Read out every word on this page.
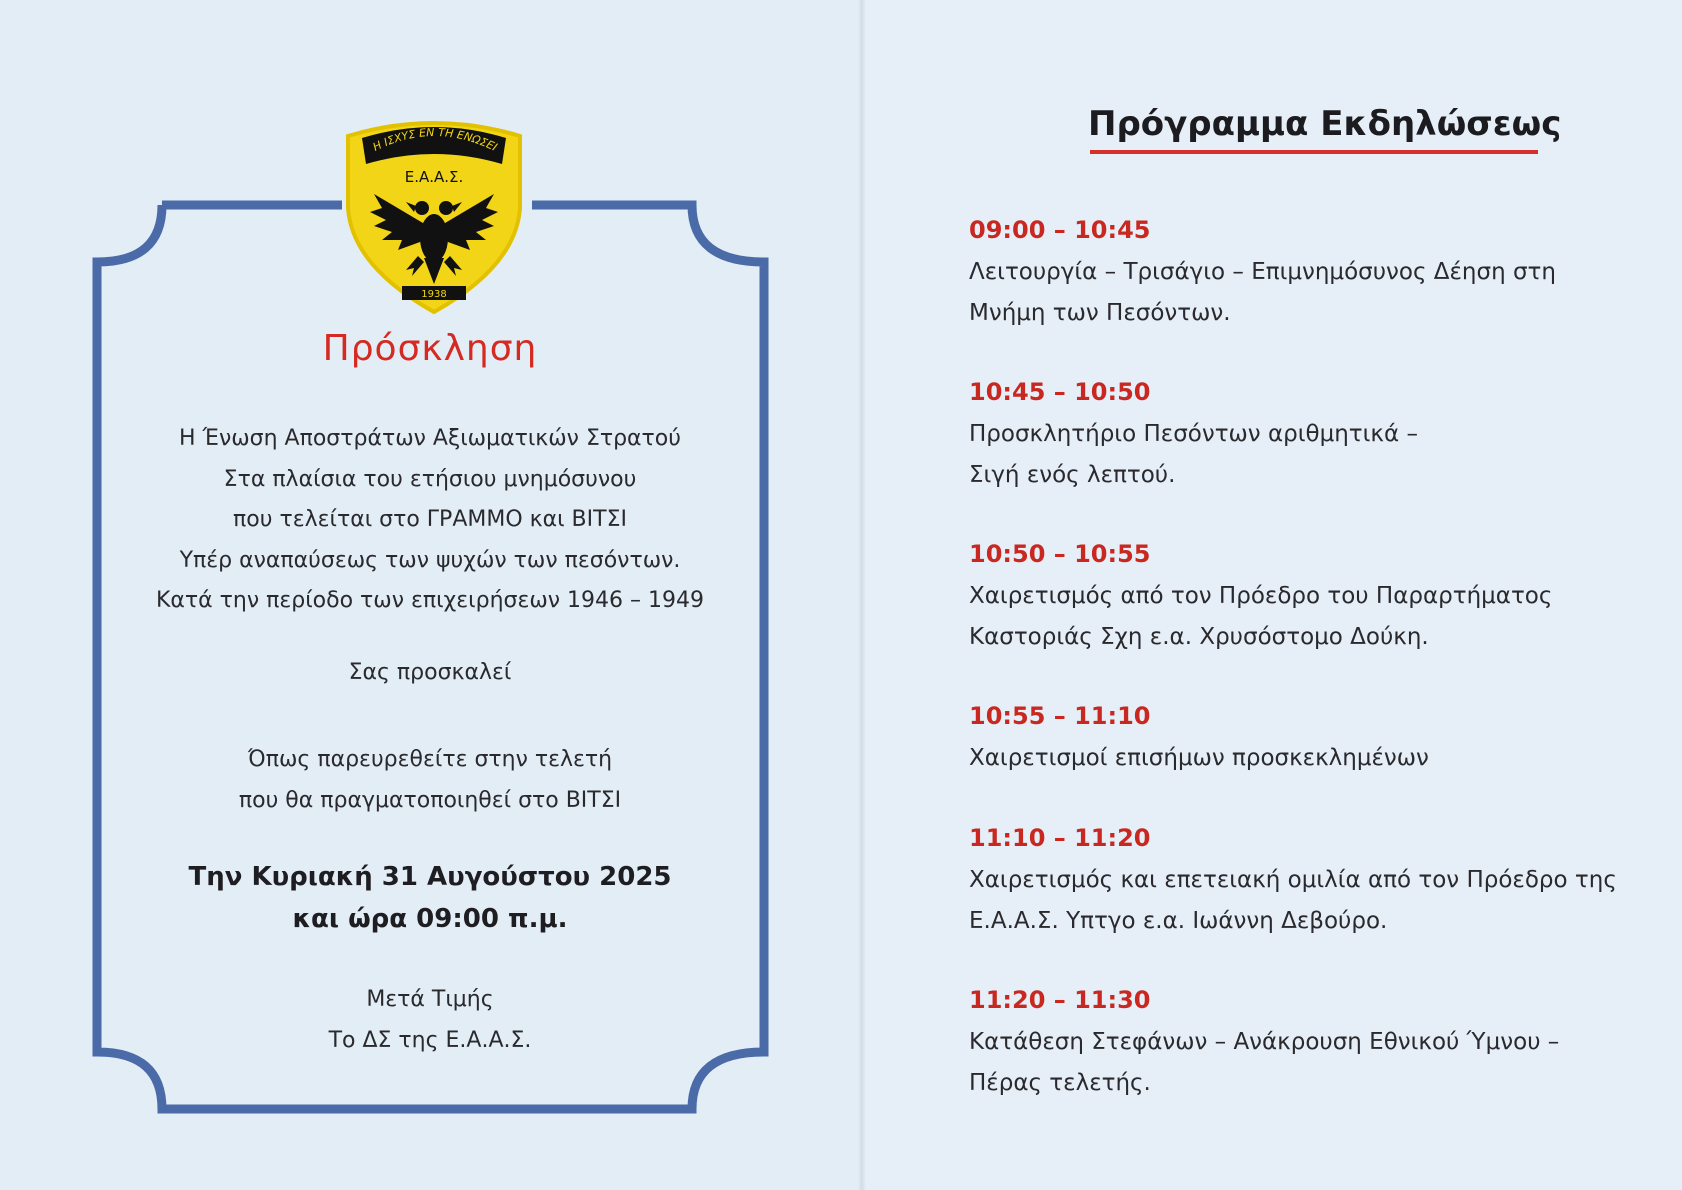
Η ΙΣΧΥΣ ΕΝ ΤΗ ΕΝΩΣΕΙ
Ε.Α.Α.Σ.
1938
Πρόσκληση
Η Ένωση Αποστράτων Αξιωματικών Στρατού
Στα πλαίσια του ετήσιου μνημόσυνου
που τελείται στο ΓΡΑΜΜΟ και ΒΙΤΣΙ
Υπέρ αναπαύσεως των ψυχών των πεσόντων.
Κατά την περίοδο των επιχειρήσεων 1946 – 1949
Σας προσκαλεί
Όπως παρευρεθείτε στην τελετή
που θα πραγματοποιηθεί στο ΒΙΤΣΙ
Την Κυριακή 31 Αυγούστου 2025
και ώρα 09:00 π.μ.
Μετά Τιμής
Το ΔΣ της Ε.Α.Α.Σ.
Πρόγραμμα Εκδηλώσεως
09:00 – 10:45
Λειτουργία – Τρισάγιο – Επιμνημόσυνος Δέηση στη
Μνήμη των Πεσόντων.
10:45 – 10:50
Προσκλητήριο Πεσόντων αριθμητικά –
Σιγή ενός λεπτού.
10:50 – 10:55
Χαιρετισμός από τον Πρόεδρο του Παραρτήματος
Καστοριάς Σχη ε.α. Χρυσόστομο Δούκη.
10:55 – 11:10
Χαιρετισμοί επισήμων προσκεκλημένων
11:10 – 11:20
Χαιρετισμός και επετειακή ομιλία από τον Πρόεδρο της
Ε.Α.Α.Σ. Υπτγο ε.α. Ιωάννη Δεβούρο.
11:20 – 11:30
Κατάθεση Στεφάνων – Ανάκρουση Εθνικού Ύμνου –
Πέρας τελετής.
